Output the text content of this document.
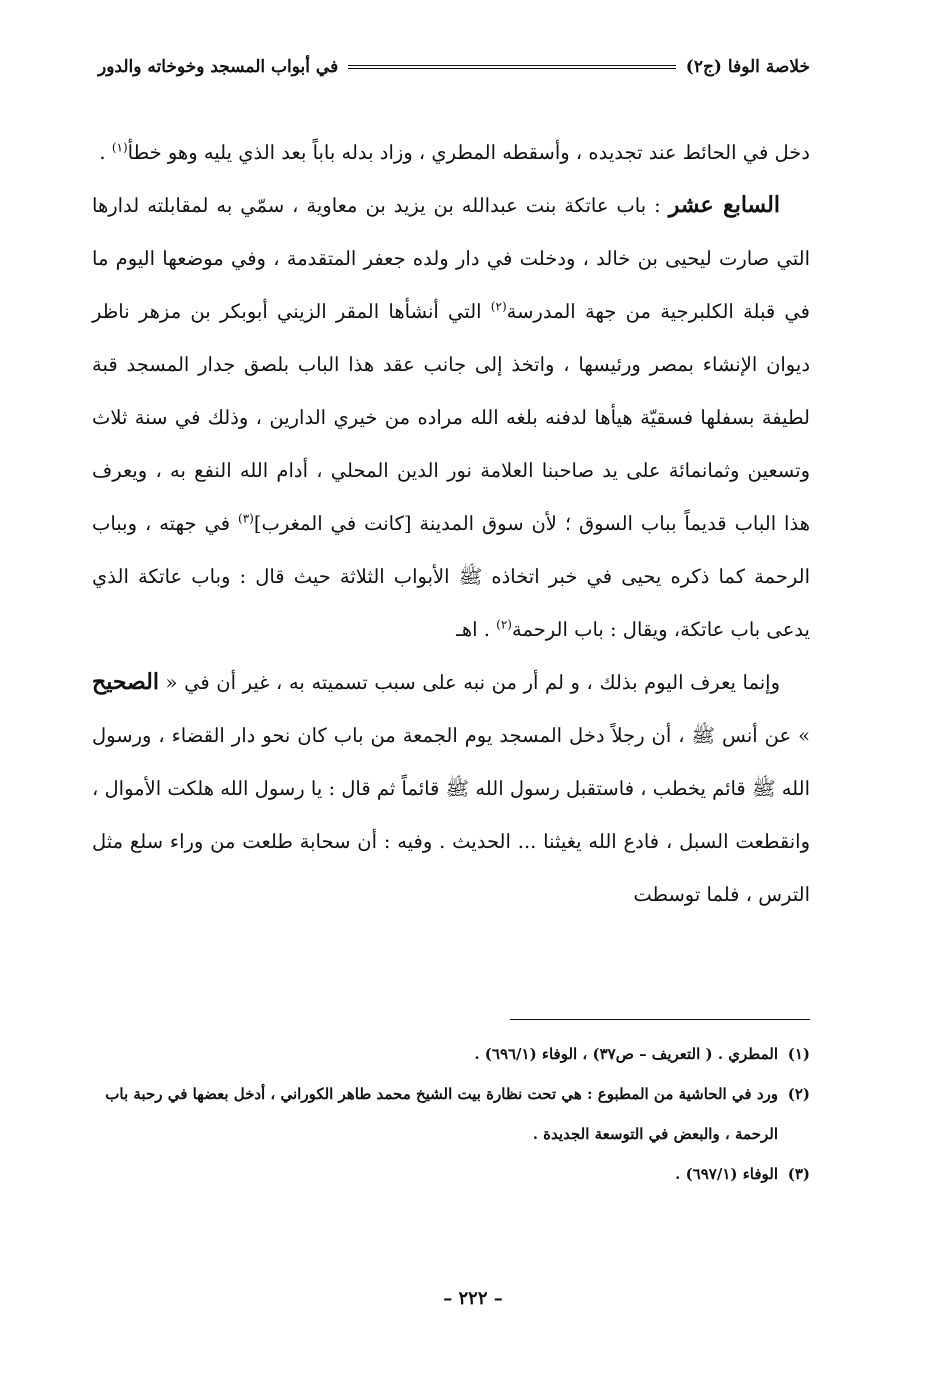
خلاصة الوفا (ج٢)
في أبواب المسجد وخوخاته والدور

دخل في الحائط عند تجديده ، وأسقطه المطري ، وزاد بدله باباً بعد الذي يليه وهو خطأ$^{(١)}$ .

السابع عشر : باب عاتكة بنت عبدالله بن يزيد بن معاوية ، سمّي به لمقابلته لدارها التي صارت ليحيى بن خالد ، ودخلت في دار ولده جعفر المتقدمة ، وفي موضعها اليوم ما في قبلة الكلبرجية من جهة المدرسة$^{(٢)}$ التي أنشأها المقر الزيني أبوبكر بن مزهر ناظر ديوان الإنشاء بمصر ورئيسها ، واتخذ إلى جانب عقد هذا الباب بلصق جدار المسجد قبة لطيفة بسفلها فسقيّة هيأها لدفنه بلغه الله مراده من خيري الدارين ، وذلك في سنة ثلاث وتسعين وثمانمائة على يد صاحبنا العلامة نور الدين المحلي ، أدام الله النفع به ، ويعرف هذا الباب قديماً بباب السوق ؛ لأن سوق المدينة [كانت في المغرب]$^{(٣)}$ في جهته ، وبباب الرحمة كما ذكره يحيى في خبر اتخاذه ﷺ الأبواب الثلاثة حيث قال : وباب عاتكة الذي يدعى باب عاتكة، ويقال : باب الرحمة$^{(٢)}$ . اهـ

وإنما يعرف اليوم بذلك ، و لم أر من نبه على سبب تسميته به ، غير أن في « الصحيح » عن أنس ﷺ ، أن رجلاً دخل المسجد يوم الجمعة من باب كان نحو دار القضاء ، ورسول الله ﷺ قائم يخطب ، فاستقبل رسول الله ﷺ قائماً ثم قال : يا رسول الله هلكت الأموال ، وانقطعت السبل ، فادع الله يغيثنا ... الحديث . وفيه : أن سحابة طلعت من وراء سلع مثل الترس ، فلما توسطت

(١)
المطري . ( التعريف – ص٣٧) ، الوفاء (٦٩٦/١) .
(٢)
ورد في الحاشية من المطبوع : هي تحت نظارة بيت الشيخ محمد طاهر الكوراني ، أدخل بعضها في رحبة باب الرحمة ، والبعض في التوسعة الجديدة .
(٣)
الوفاء (٦٩٧/١) .
– ٢٢٢ –
